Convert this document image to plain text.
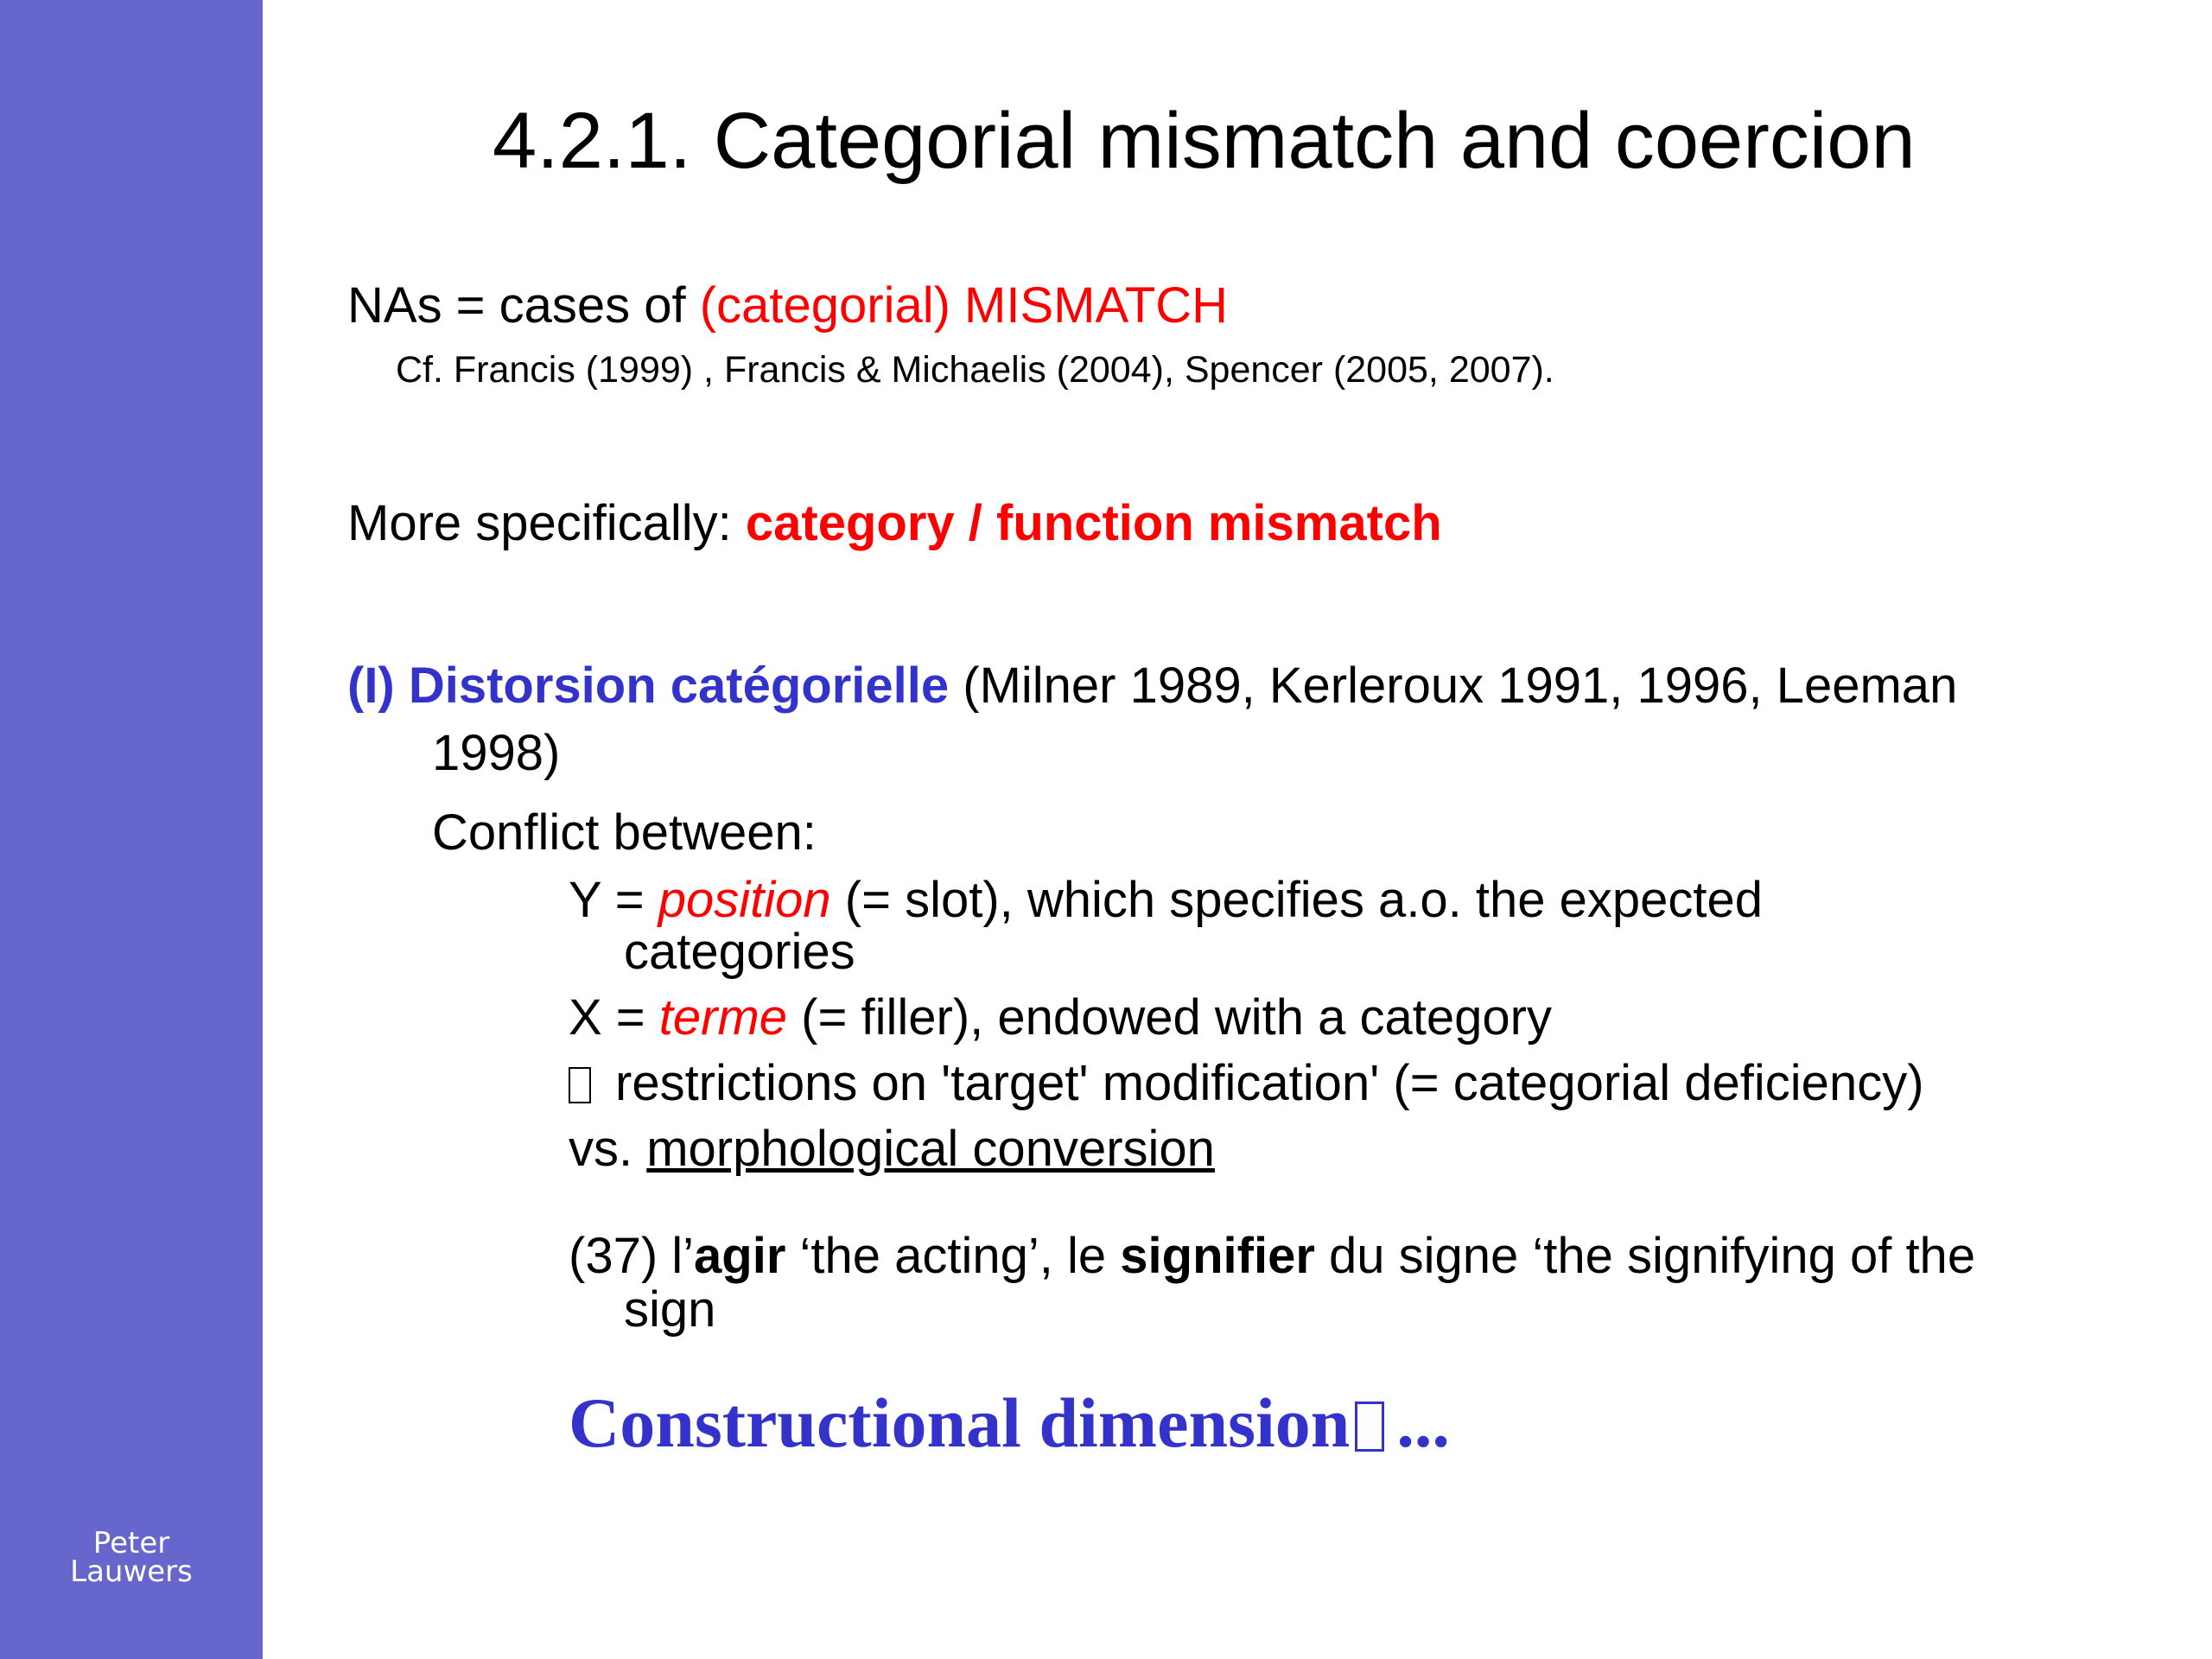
Peter
Lauwers
4.2.1. Categorial mismatch and coercion
NAs = cases of (categorial) MISMATCH
Cf. Francis (1999) , Francis & Michaelis (2004), Spencer (2005, 2007).
More specifically: category / function mismatch
(I) Distorsion catégorielle (Milner 1989, Kerleroux 1991, 1996, Leeman
1998)
Conflict between:
Y = position (= slot), which specifies a.o. the expected
categories
X = terme (= filler), endowed with a category
restrictions on 'target' modification' (= categorial deficiency)
vs. morphological conversion
(37) l’agir ‘the acting’, le signifier du signe ‘the signifying of the
sign
Constructional dimension ...
